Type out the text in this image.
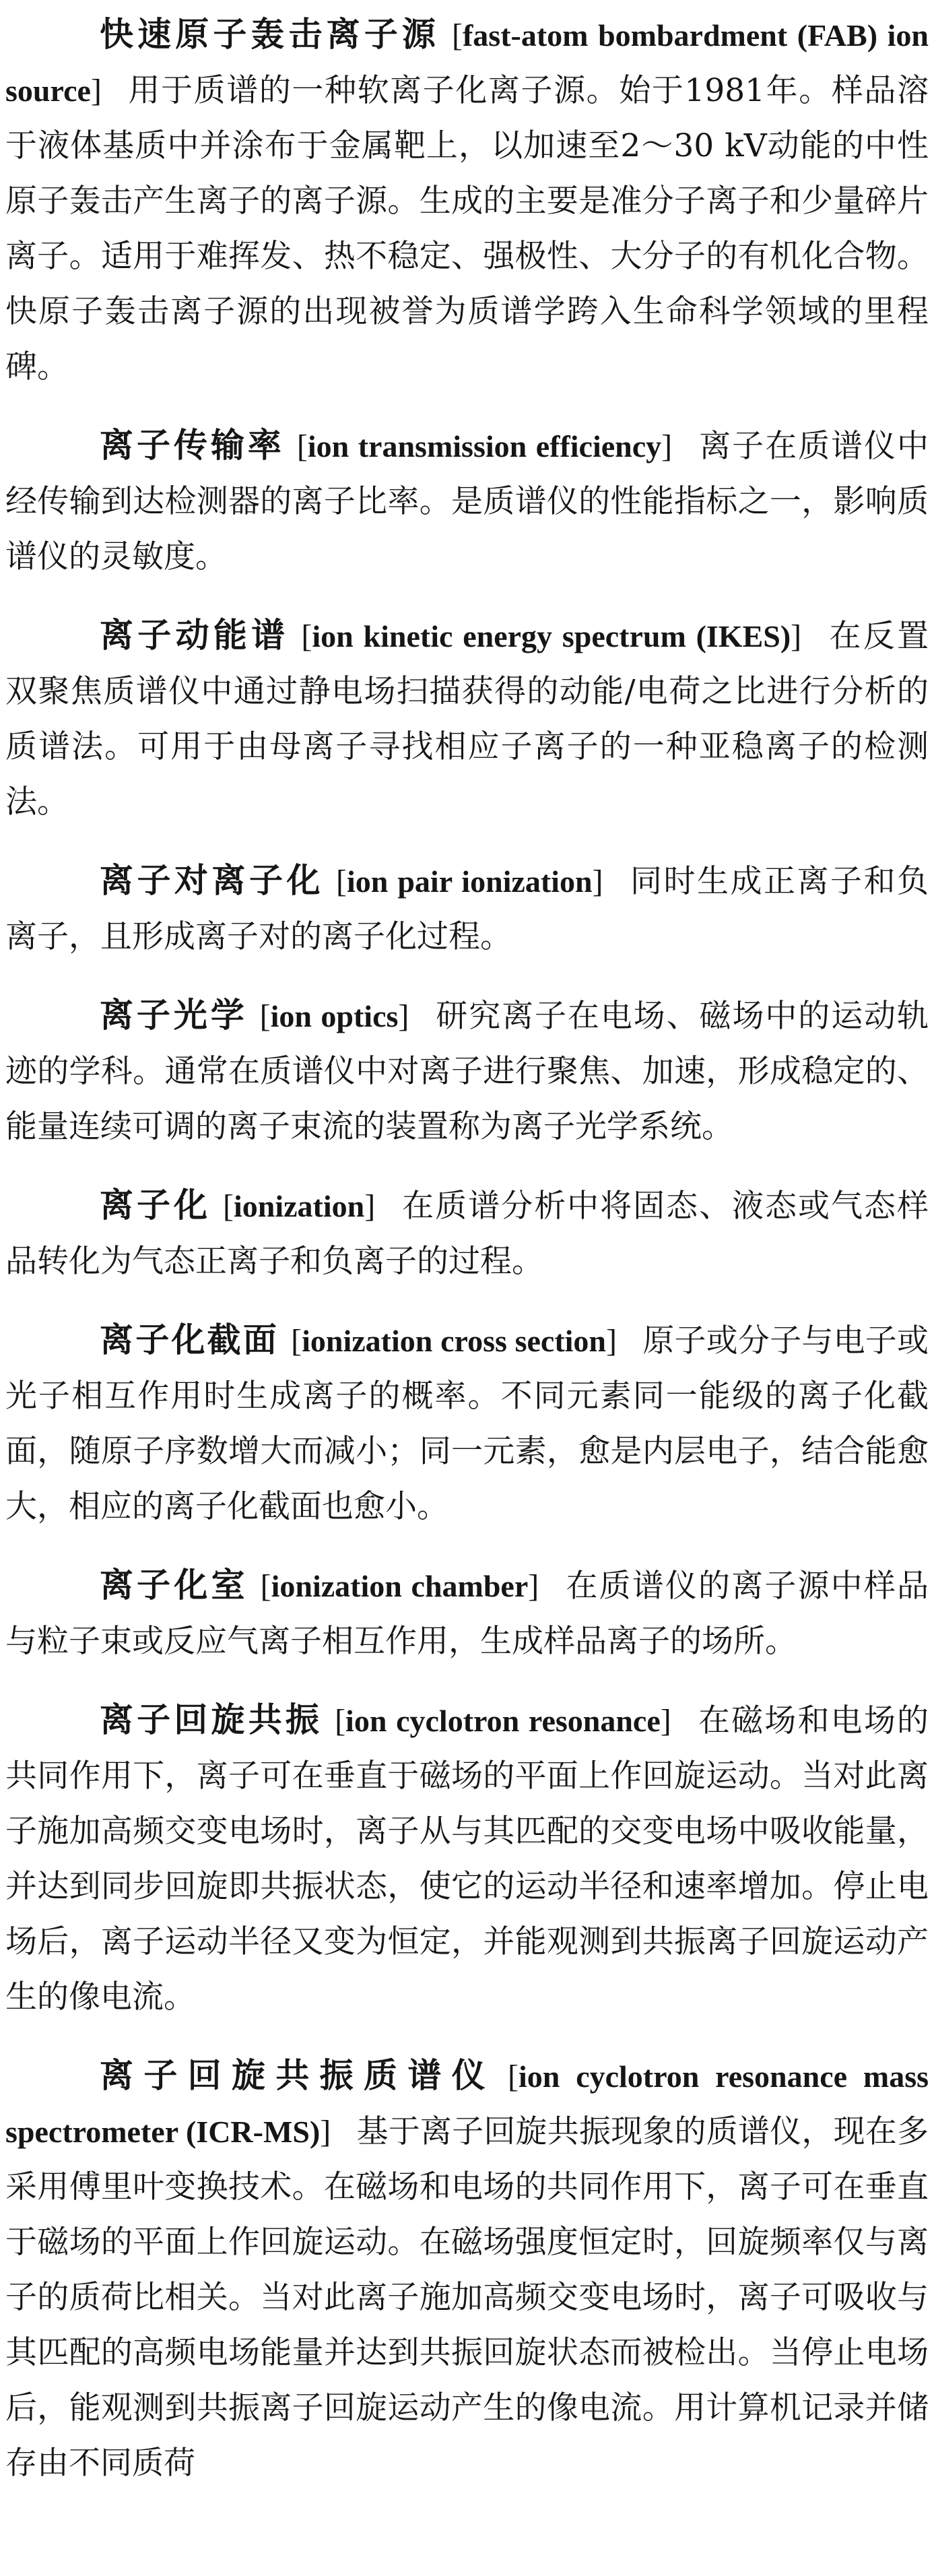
快速原子轰击离子源 [fast-atom bombardment (FAB) ion source] 用于质谱的一种软离子化离子源。始于1981年。样品溶于液体基质中并涂布于金属靶上，以加速至2～30 kV动能的中性原子轰击产生离子的离子源。生成的主要是准分子离子和少量碎片离子。适用于难挥发、热不稳定、强极性、大分子的有机化合物。快原子轰击离子源的出现被誉为质谱学跨入生命科学领域的里程碑。

离子传输率 [ion transmission efficiency] 离子在质谱仪中经传输到达检测器的离子比率。是质谱仪的性能指标之一，影响质谱仪的灵敏度。

离子动能谱 [ion kinetic energy spectrum (IKES)] 在反置双聚焦质谱仪中通过静电场扫描获得的动能/电荷之比进行分析的质谱法。可用于由母离子寻找相应子离子的一种亚稳离子的检测法。

离子对离子化 [ion pair ionization] 同时生成正离子和负离子，且形成离子对的离子化过程。

离子光学 [ion optics] 研究离子在电场、磁场中的运动轨迹的学科。通常在质谱仪中对离子进行聚焦、加速，形成稳定的、能量连续可调的离子束流的装置称为离子光学系统。

离子化 [ionization] 在质谱分析中将固态、液态或气态样品转化为气态正离子和负离子的过程。

离子化截面 [ionization cross section] 原子或分子与电子或光子相互作用时生成离子的概率。不同元素同一能级的离子化截面，随原子序数增大而减小；同一元素，愈是内层电子，结合能愈大，相应的离子化截面也愈小。

离子化室 [ionization chamber] 在质谱仪的离子源中样品与粒子束或反应气离子相互作用，生成样品离子的场所。

离子回旋共振 [ion cyclotron resonance] 在磁场和电场的共同作用下，离子可在垂直于磁场的平面上作回旋运动。当对此离子施加高频交变电场时，离子从与其匹配的交变电场中吸收能量，并达到同步回旋即共振状态，使它的运动半径和速率增加。停止电场后，离子运动半径又变为恒定，并能观测到共振离子回旋运动产生的像电流。

离子回旋共振质谱仪 [ion cyclotron resonance mass spectrometer (ICR-MS)] 基于离子回旋共振现象的质谱仪，现在多采用傅里叶变换技术。在磁场和电场的共同作用下，离子可在垂直于磁场的平面上作回旋运动。在磁场强度恒定时，回旋频率仅与离子的质荷比相关。当对此离子施加高频交变电场时，离子可吸收与其匹配的高频电场能量并达到共振回旋状态而被检出。当停止电场后，能观测到共振离子回旋运动产生的像电流。用计算机记录并储存由不同质荷
